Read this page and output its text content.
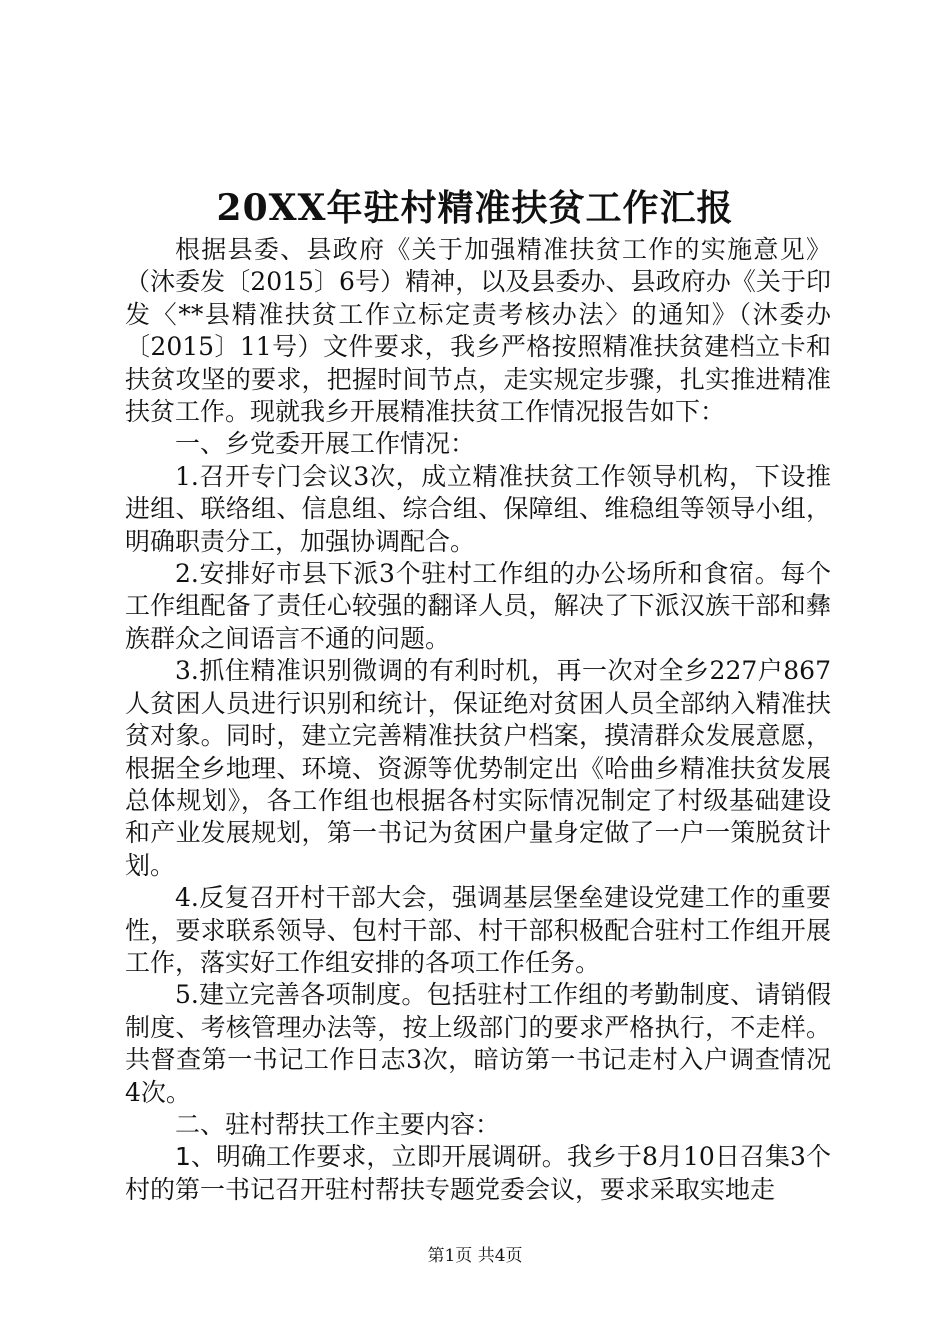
20XX年驻村精准扶贫工作汇报

根据县委、县政府《关于加强精准扶贫工作的实施意见》（沐委发〔2015〕6号）精神，以及县委办、县政府办《关于印发〈**县精准扶贫工作立标定责考核办法〉的通知》（沐委办〔2015〕11号）文件要求，我乡严格按照精准扶贫建档立卡和扶贫攻坚的要求，把握时间节点，走实规定步骤，扎实推进精准扶贫工作。现就我乡开展精准扶贫工作情况报告如下：

一、乡党委开展工作情况：

1.召开专门会议3次，成立精准扶贫工作领导机构，下设推进组、联络组、信息组、综合组、保障组、维稳组等领导小组，明确职责分工，加强协调配合。

2.安排好市县下派3个驻村工作组的办公场所和食宿。每个工作组配备了责任心较强的翻译人员，解决了下派汉族干部和彝族群众之间语言不通的问题。

3.抓住精准识别微调的有利时机，再一次对全乡227户867人贫困人员进行识别和统计，保证绝对贫困人员全部纳入精准扶贫对象。同时，建立完善精准扶贫户档案，摸清群众发展意愿，根据全乡地理、环境、资源等优势制定出《哈曲乡精准扶贫发展总体规划》，各工作组也根据各村实际情况制定了村级基础建设和产业发展规划，第一书记为贫困户量身定做了一户一策脱贫计划。

4.反复召开村干部大会，强调基层堡垒建设党建工作的重要性，要求联系领导、包村干部、村干部积极配合驻村工作组开展工作，落实好工作组安排的各项工作任务。

5.建立完善各项制度。包括驻村工作组的考勤制度、请销假制度、考核管理办法等，按上级部门的要求严格执行，不走样。共督查第一书记工作日志3次，暗访第一书记走村入户调查情况4次。

二、驻村帮扶工作主要内容：

1、明确工作要求，立即开展调研。我乡于8月10日召集3个村的第一书记召开驻村帮扶专题党委会议，要求采取实地走

第1页 共4页
